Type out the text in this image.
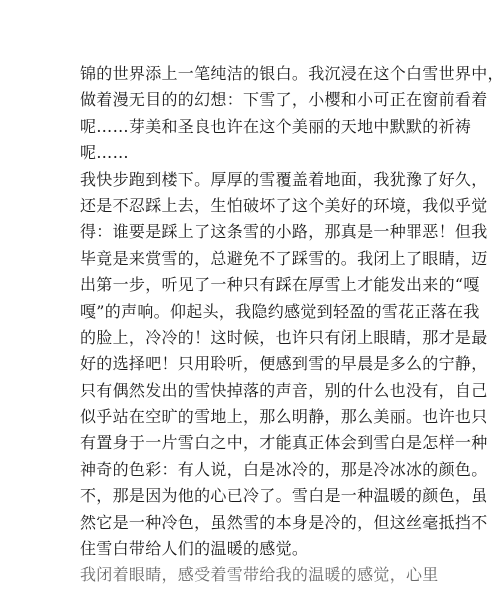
锦的世界添上一笔纯洁的银白。我沉浸在这个白雪世界中，
做着漫无目的的幻想：下雪了，小樱和小可正在窗前看着
呢……芽美和圣良也许在这个美丽的天地中默默的祈祷
呢……
我快步跑到楼下。厚厚的雪覆盖着地面，我犹豫了好久，
还是不忍踩上去，生怕破坏了这个美好的环境，我似乎觉
得：谁要是踩上了这条雪的小路，那真是一种罪恶！但我
毕竟是来赏雪的，总避免不了踩雪的。我闭上了眼睛，迈
出第一步，听见了一种只有踩在厚雪上才能发出来的“嘎
嘎”的声响。仰起头，我隐约感觉到轻盈的雪花正落在我
的脸上，冷冷的！这时候，也许只有闭上眼睛，那才是最
好的选择吧！只用聆听，便感到雪的早晨是多么的宁静，
只有偶然发出的雪快掉落的声音，别的什么也没有，自己
似乎站在空旷的雪地上，那么明静，那么美丽。也许也只
有置身于一片雪白之中，才能真正体会到雪白是怎样一种
神奇的色彩：有人说，白是冰冷的，那是冷冰冰的颜色。
不，那是因为他的心已冷了。雪白是一种温暖的颜色，虽
然它是一种冷色，虽然雪的本身是冷的，但这丝毫抵挡不
住雪白带给人们的温暖的感觉。
我闭着眼睛，感受着雪带给我的温暖的感觉，心里
